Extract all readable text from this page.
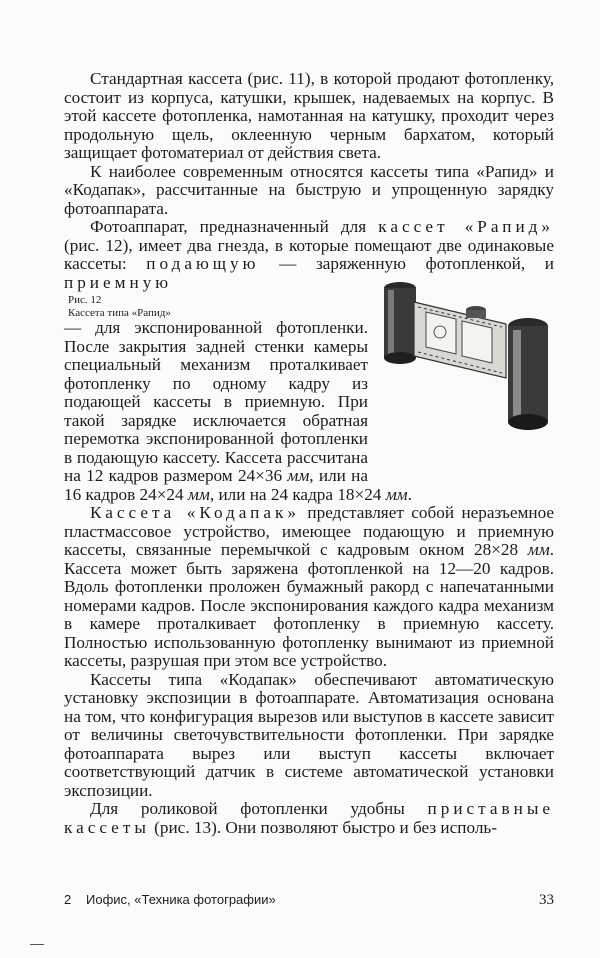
Стандартная кассета (рис. 11), в которой продают фотопленку, состоит из корпуса, катушки, крышек, надеваемых на корпус. В этой кассете фотопленка, намотанная на катушку, проходит через продольную щель, оклеенную черным бархатом, который защищает фотоматериал от действия света.

К наиболее современным относятся кассеты типа «Рапид» и «Кодапак», рассчитанные на быструю и упрощенную зарядку фотоаппарата.

Фотоаппарат, предназначенный для кассет «Рапид» (рис. 12), имеет два гнезда, в которые помещают две одинаковые кассеты: подающую — заряженную фотопленкой, и приемную

Рис. 12
Кассета типа «Рапид»
— для экспонированной фотопленки. После закрытия задней стенки камеры специальный механизм проталкивает фотопленку по одному кадру из подающей кассеты в приемную. При такой зарядке исключается обратная перемотка экспонированной фотопленки в подающую кассету. Кассета рассчитана на 12 кадров размером 24×36 мм, или на 16 кадров 24×24 мм, или на 24 кадра 18×24 мм.

Кассета «Кодапак» представляет собой неразъемное пластмассовое устройство, имеющее подающую и приемную кассеты, связанные перемычкой с кадровым окном 28×28 мм. Кассета может быть заряжена фотопленкой на 12—20 кадров. Вдоль фотопленки проложен бумажный ракорд с напечатанными номерами кадров. После экспонирования каждого кадра механизм в камере проталкивает фотопленку в приемную кассету. Полностью использованную фотопленку вынимают из приемной кассеты, разрушая при этом все устройство.

Кассеты типа «Кодапак» обеспечивают автоматическую установку экспозиции в фотоаппарате. Автоматизация основана на том, что конфигурация вырезов или выступов в кассете зависит от величины светочувствительности фотопленки. При зарядке фотоаппарата вырез или выступ кассеты включает соответствующий датчик в системе автоматической установки экспозиции.

Для роликовой фотопленки удобны приставные кассеты (рис. 13). Они позволяют быстро и без исполь-

2 Иофис, «Техника фотографии»	33
